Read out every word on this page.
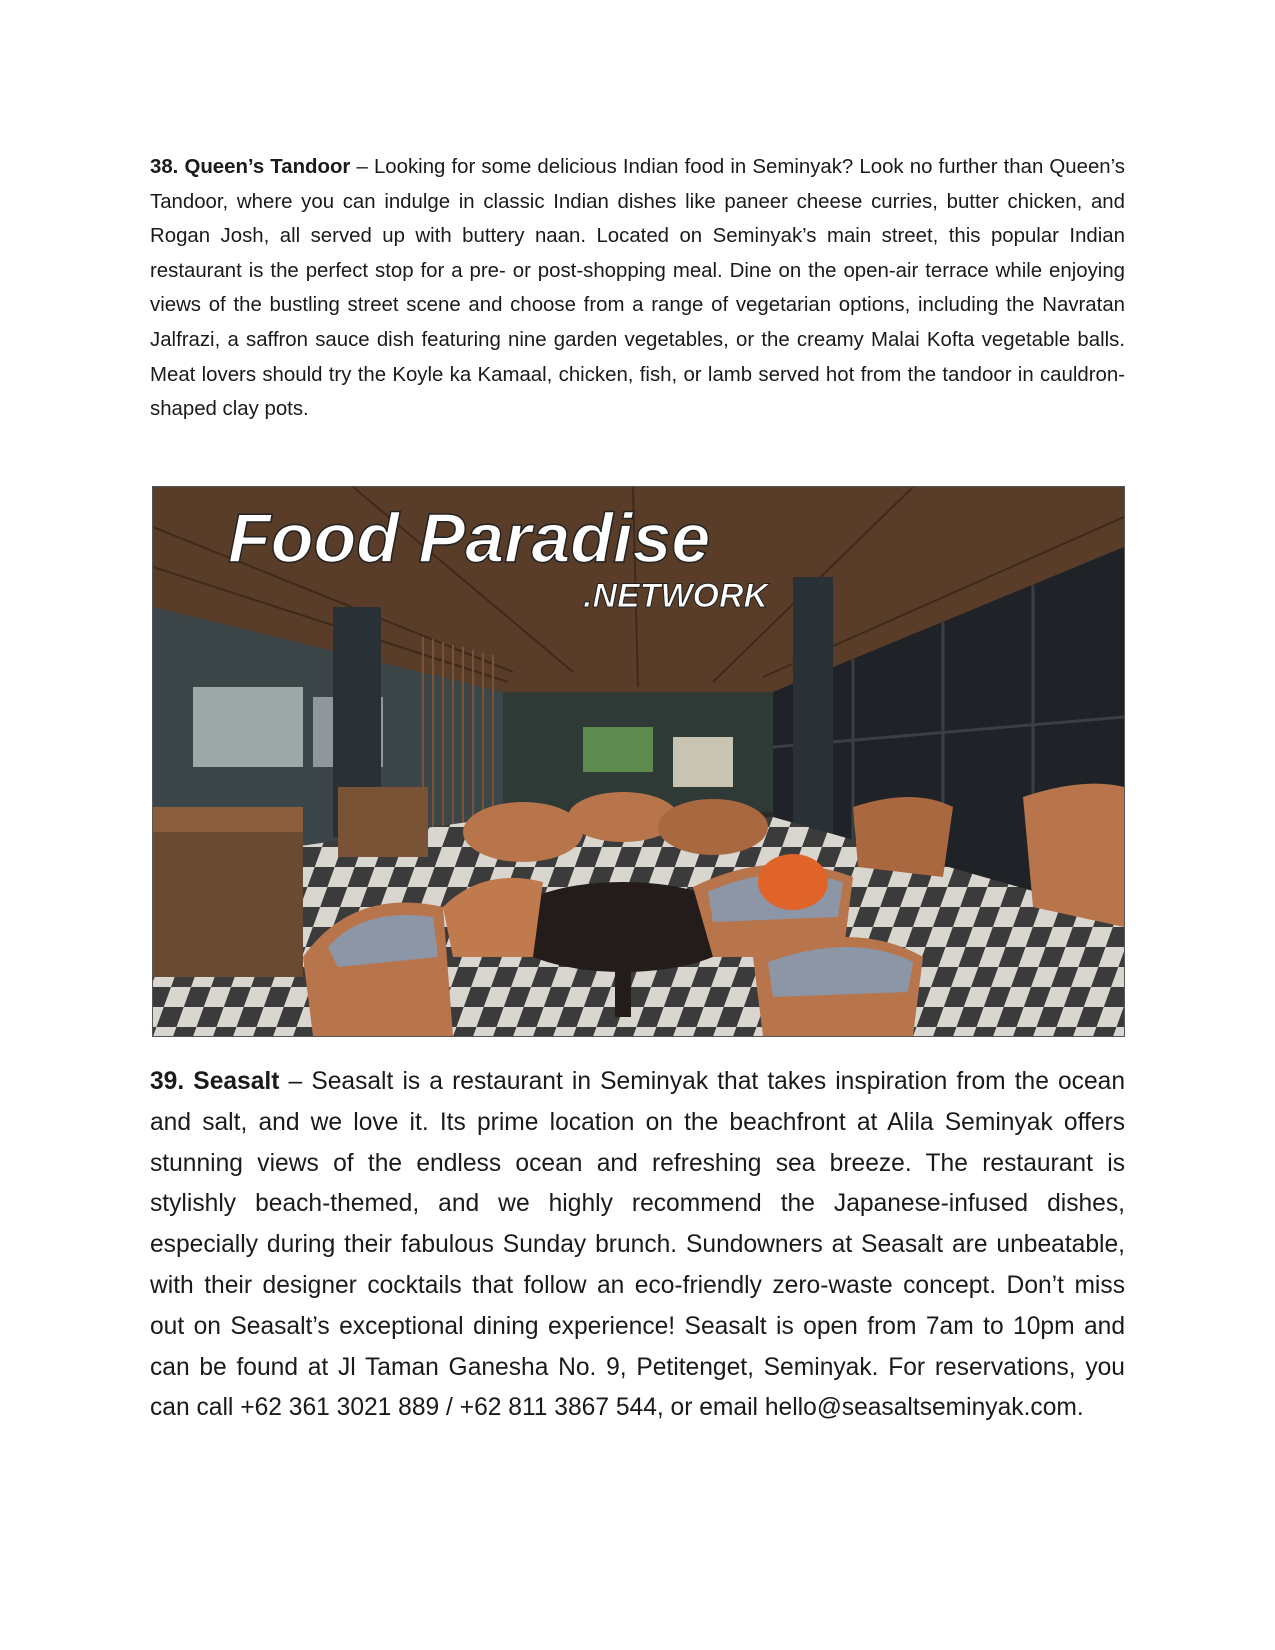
38. Queen’s Tandoor – Looking for some delicious Indian food in Seminyak? Look no further than Queen’s Tandoor, where you can indulge in classic Indian dishes like paneer cheese curries, butter chicken, and Rogan Josh, all served up with buttery naan. Located on Seminyak’s main street, this popular Indian restaurant is the perfect stop for a pre- or post-shopping meal. Dine on the open-air terrace while enjoying views of the bustling street scene and choose from a range of vegetarian options, including the Navratan Jalfrazi, a saffron sauce dish featuring nine garden vegetables, or the creamy Malai Kofta vegetable balls. Meat lovers should try the Koyle ka Kamaal, chicken, fish, or lamb served hot from the tandoor in cauldron-shaped clay pots.

Food Paradise
.NETWORK

39. Seasalt – Seasalt is a restaurant in Seminyak that takes inspiration from the ocean and salt, and we love it. Its prime location on the beachfront at Alila Seminyak offers stunning views of the endless ocean and refreshing sea breeze. The restaurant is stylishly beach-themed, and we highly recommend the Japanese-infused dishes, especially during their fabulous Sunday brunch. Sundowners at Seasalt are unbeatable, with their designer cocktails that follow an eco-friendly zero-waste concept. Don’t miss out on Seasalt’s exceptional dining experience! Seasalt is open from 7am to 10pm and can be found at Jl Taman Ganesha No. 9, Petitenget, Seminyak. For reservations, you can call +62 361 3021 889 / +62 811 3867 544, or email hello@seasaltseminyak.com.
